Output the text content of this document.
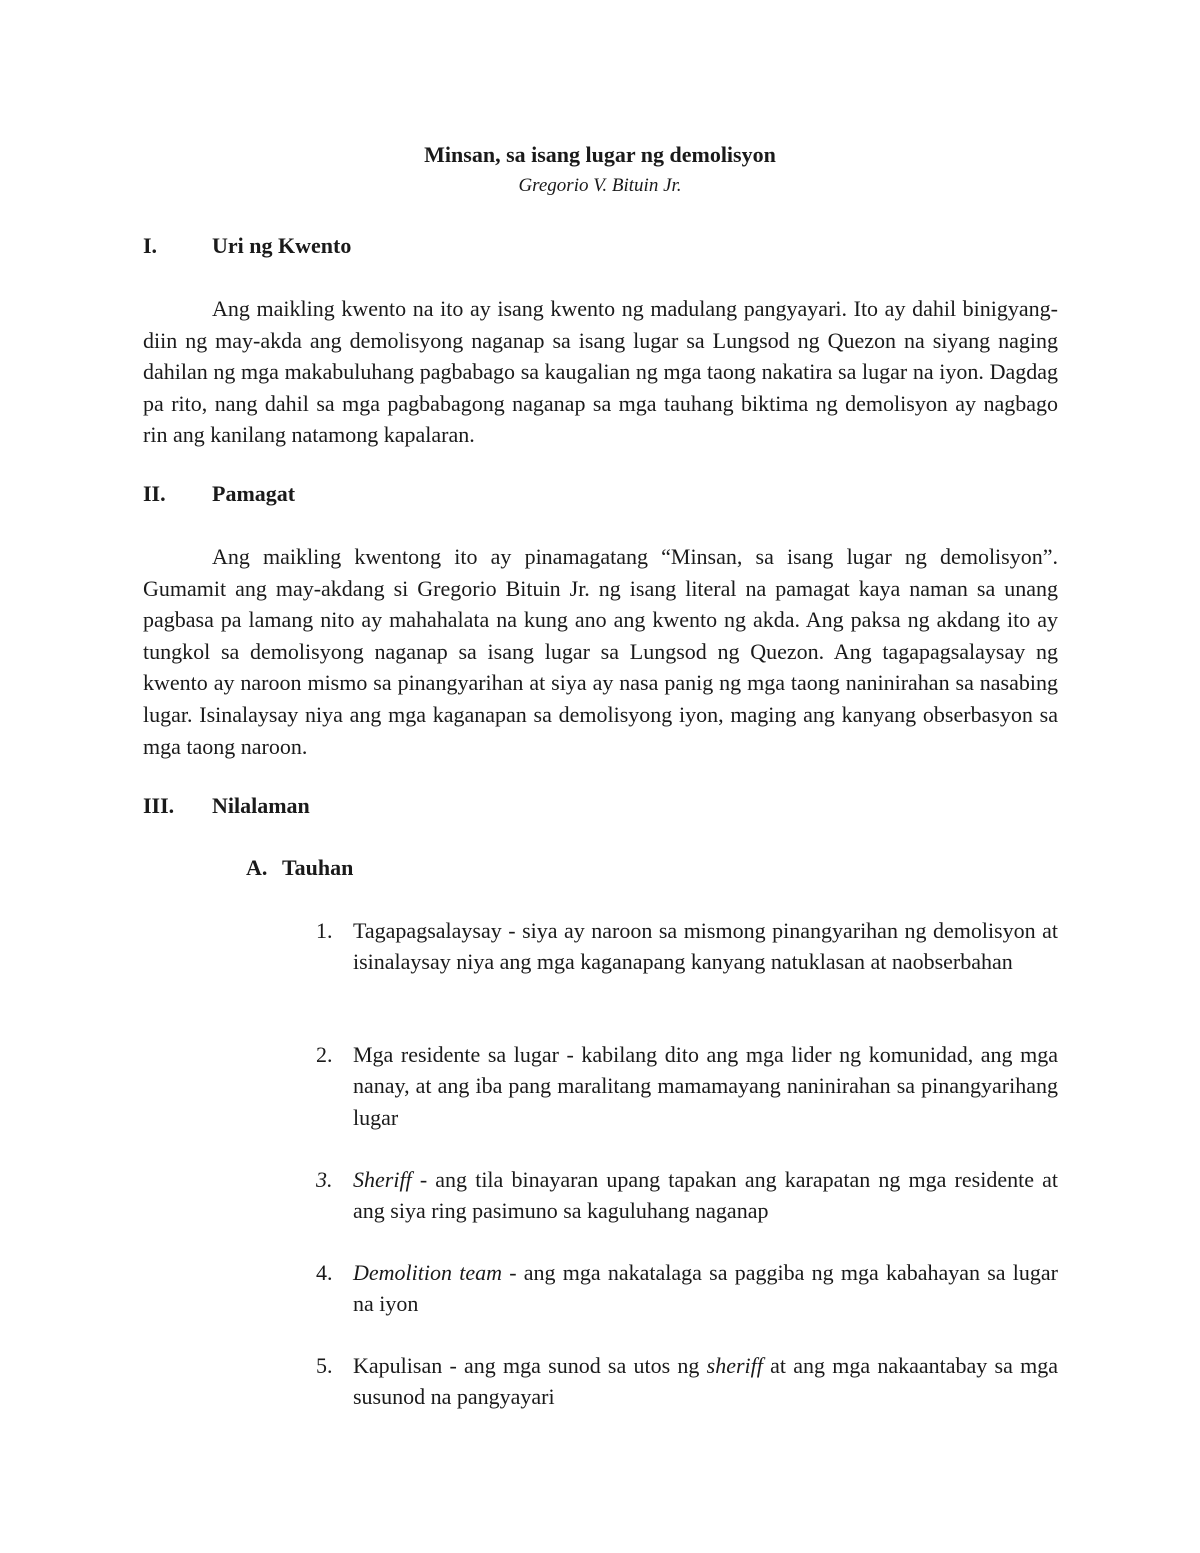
Minsan, sa isang lugar ng demolisyon
Gregorio V. Bituin Jr.
I. Uri ng Kwento

Ang maikling kwento na ito ay isang kwento ng madulang pangyayari. Ito ay dahil binigyang-diin ng may-akda ang demolisyong naganap sa isang lugar sa Lungsod ng Quezon na siyang naging dahilan ng mga makabuluhang pagbabago sa kaugalian ng mga taong nakatira sa lugar na iyon. Dagdag pa rito, nang dahil sa mga pagbabagong naganap sa mga tauhang biktima ng demolisyon ay nagbago rin ang kanilang natamong kapalaran.

II. Pamagat

Ang maikling kwentong ito ay pinamagatang “Minsan, sa isang lugar ng demolisyon”. Gumamit ang may-akdang si Gregorio Bituin Jr. ng isang literal na pamagat kaya naman sa unang pagbasa pa lamang nito ay mahahalata na kung ano ang kwento ng akda. Ang paksa ng akdang ito ay tungkol sa demolisyong naganap sa isang lugar sa Lungsod ng Quezon. Ang tagapagsalaysay ng kwento ay naroon mismo sa pinangyarihan at siya ay nasa panig ng mga taong naninirahan sa nasabing lugar. Isinalaysay niya ang mga kaganapan sa demolisyong iyon, maging ang kanyang obserbasyon sa mga taong naroon.

III. Nilalaman
A. Tauhan
1. Tagapagsalaysay - siya ay naroon sa mismong pinangyarihan ng demolisyon at isinalaysay niya ang mga kaganapang kanyang natuklasan at naobserbahan
2. Mga residente sa lugar - kabilang dito ang mga lider ng komunidad, ang mga nanay, at ang iba pang maralitang mamamayang naninirahan sa pinangyarihang lugar
3. Sheriff - ang tila binayaran upang tapakan ang karapatan ng mga residente at ang siya ring pasimuno sa kaguluhang naganap
4. Demolition team - ang mga nakatalaga sa paggiba ng mga kabahayan sa lugar na iyon
5. Kapulisan - ang mga sunod sa utos ng sheriff at ang mga nakaantabay sa mga susunod na pangyayari
